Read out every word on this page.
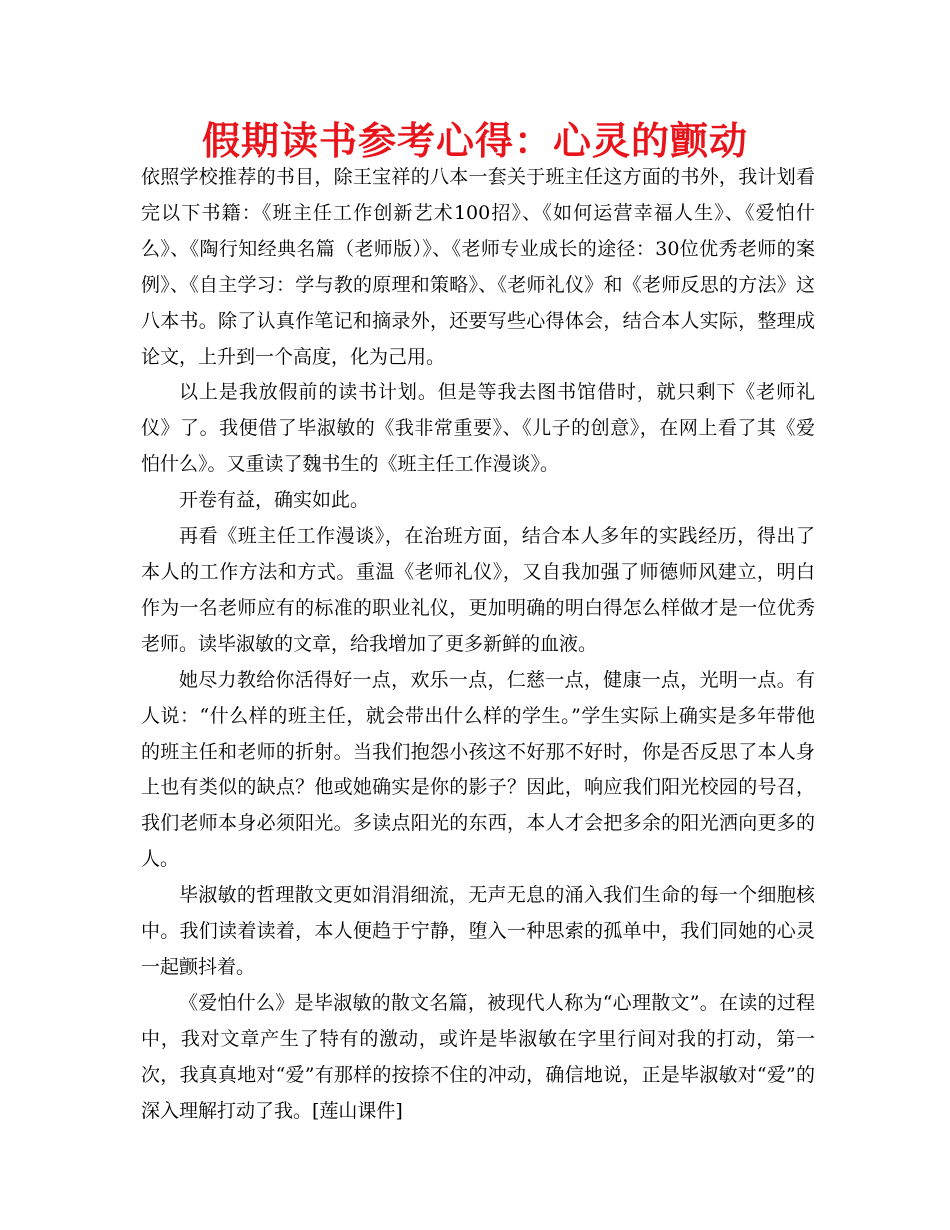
假期读书参考心得：心灵的颤动

依照学校推荐的书目，除王宝祥的八本一套关于班主任这方面的书外，我计划看完以下书籍：《班主任工作创新艺术100招》、《如何运营幸福人生》、《爱怕什么》、《陶行知经典名篇（老师版）》、《老师专业成长的途径：30位优秀老师的案例》、《自主学习：学与教的原理和策略》、《老师礼仪》和《老师反思的方法》这八本书。除了认真作笔记和摘录外，还要写些心得体会，结合本人实际，整理成论文，上升到一个高度，化为己用。

以上是我放假前的读书计划。但是等我去图书馆借时，就只剩下《老师礼仪》了。我便借了毕淑敏的《我非常重要》、《儿子的创意》，在网上看了其《爱怕什么》。又重读了魏书生的《班主任工作漫谈》。

开卷有益，确实如此。

再看《班主任工作漫谈》，在治班方面，结合本人多年的实践经历，得出了本人的工作方法和方式。重温《老师礼仪》，又自我加强了师德师风建立，明白作为一名老师应有的标准的职业礼仪，更加明确的明白得怎么样做才是一位优秀老师。读毕淑敏的文章，给我增加了更多新鲜的血液。

她尽力教给你活得好一点，欢乐一点，仁慈一点，健康一点，光明一点。有人说：“什么样的班主任，就会带出什么样的学生。”学生实际上确实是多年带他的班主任和老师的折射。当我们抱怨小孩这不好那不好时，你是否反思了本人身上也有类似的缺点？他或她确实是你的影子？因此，响应我们阳光校园的号召，我们老师本身必须阳光。多读点阳光的东西，本人才会把多余的阳光洒向更多的人。

毕淑敏的哲理散文更如涓涓细流，无声无息的涌入我们生命的每一个细胞核中。我们读着读着，本人便趋于宁静，堕入一种思索的孤单中，我们同她的心灵一起颤抖着。

《爱怕什么》是毕淑敏的散文名篇，被现代人称为“心理散文”。在读的过程中，我对文章产生了特有的激动，或许是毕淑敏在字里行间对我的打动，第一次，我真真地对“爱”有那样的按捺不住的冲动，确信地说，正是毕淑敏对“爱”的深入理解打动了我。[莲山课件]
